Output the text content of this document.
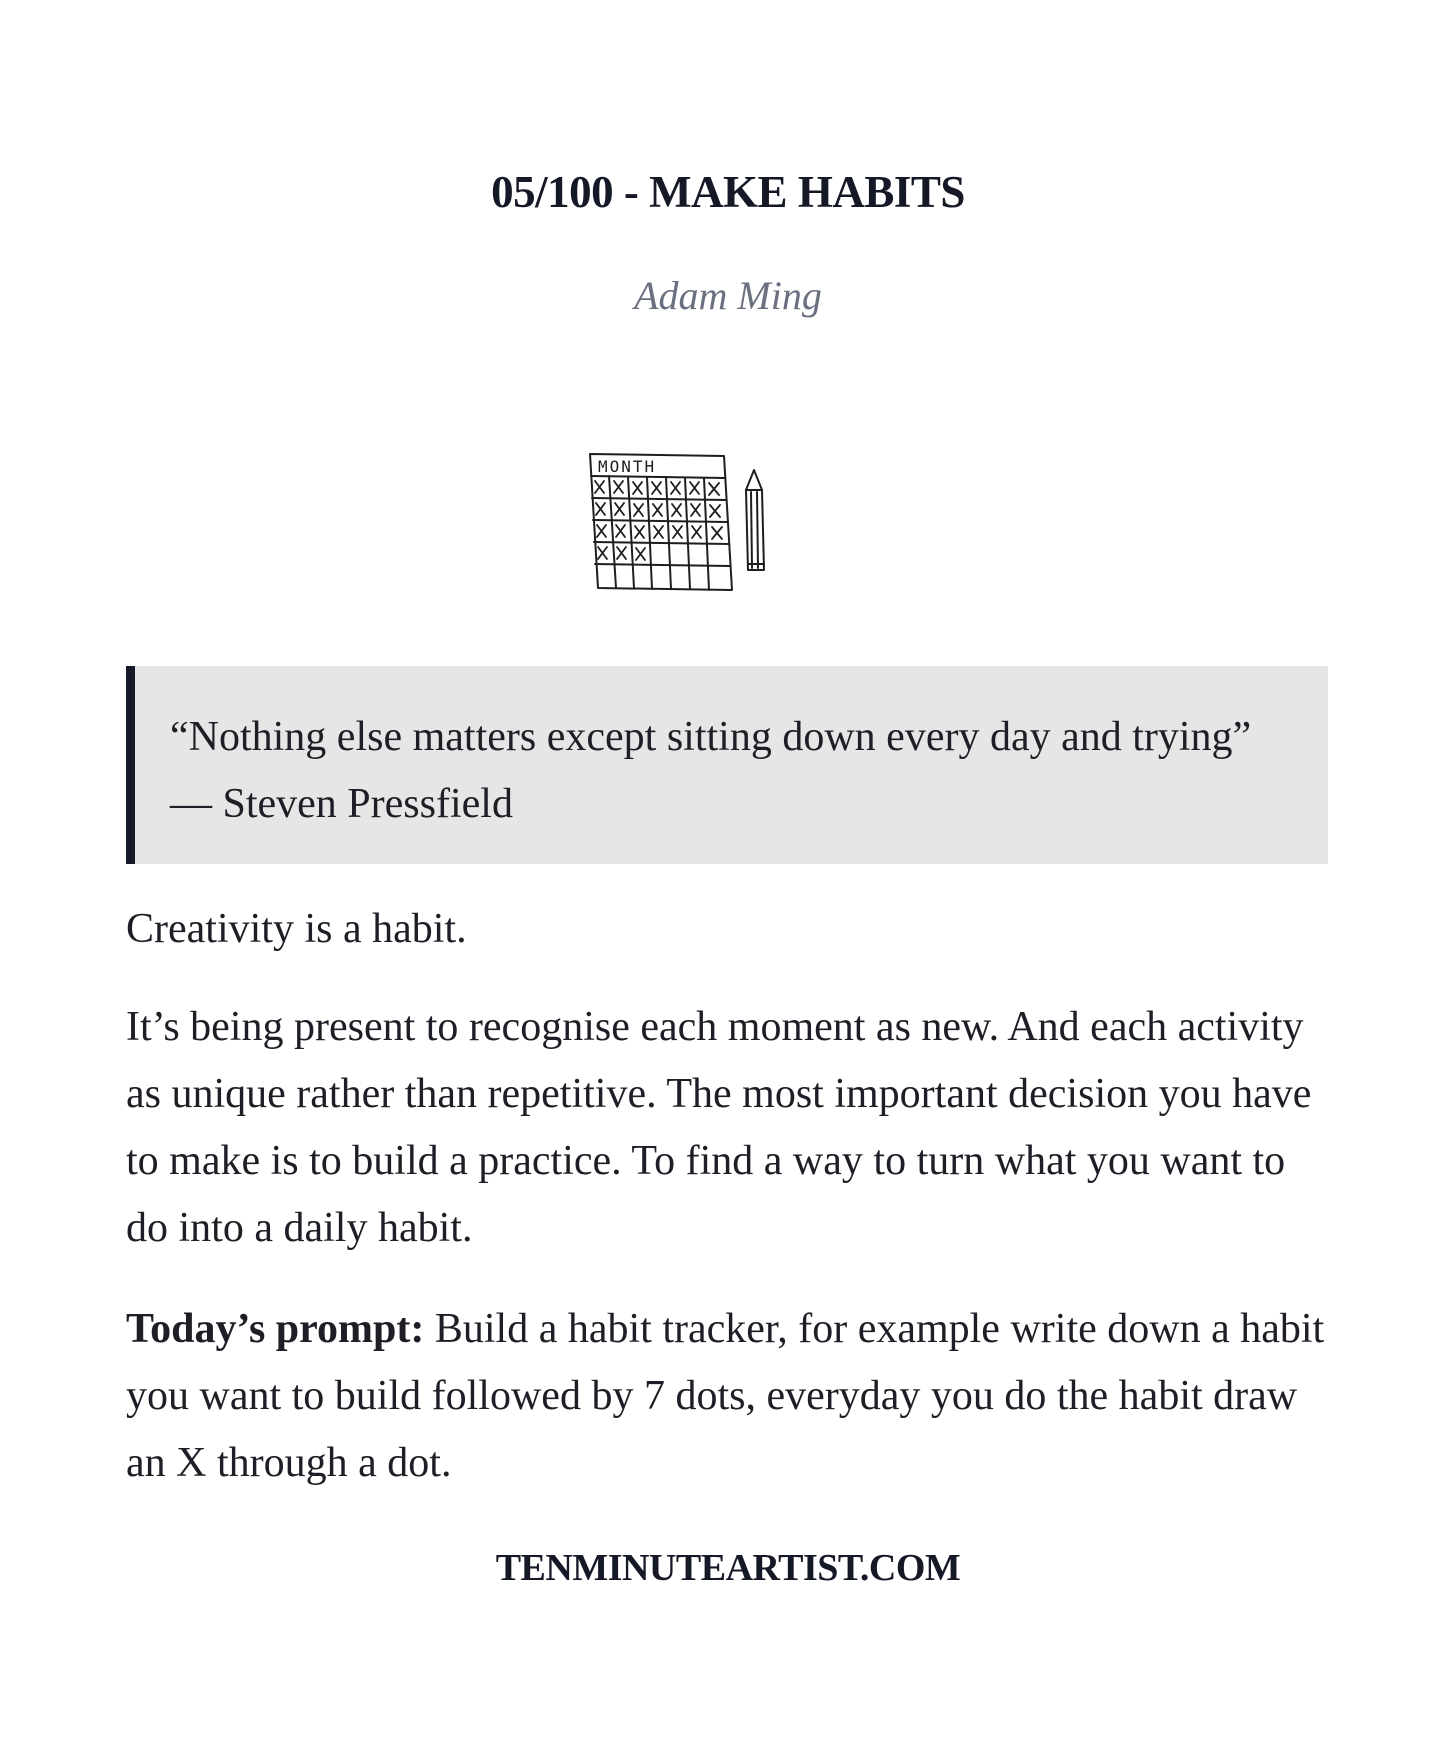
05/100 - MAKE HABITS
Adam Ming
MONTH
“Nothing else matters except sitting down every day and trying” — Steven Pressfield

Creativity is a habit.

It’s being present to recognise each moment as new. And each activity as unique rather than repetitive. The most important decision you have to make is to build a practice. To find a way to turn what you want to do into a daily habit.

Today’s prompt: Build a habit tracker, for example write down a habit you want to build followed by 7 dots, everyday you do the habit draw an X through a dot.

TENMINUTEARTIST.COM
